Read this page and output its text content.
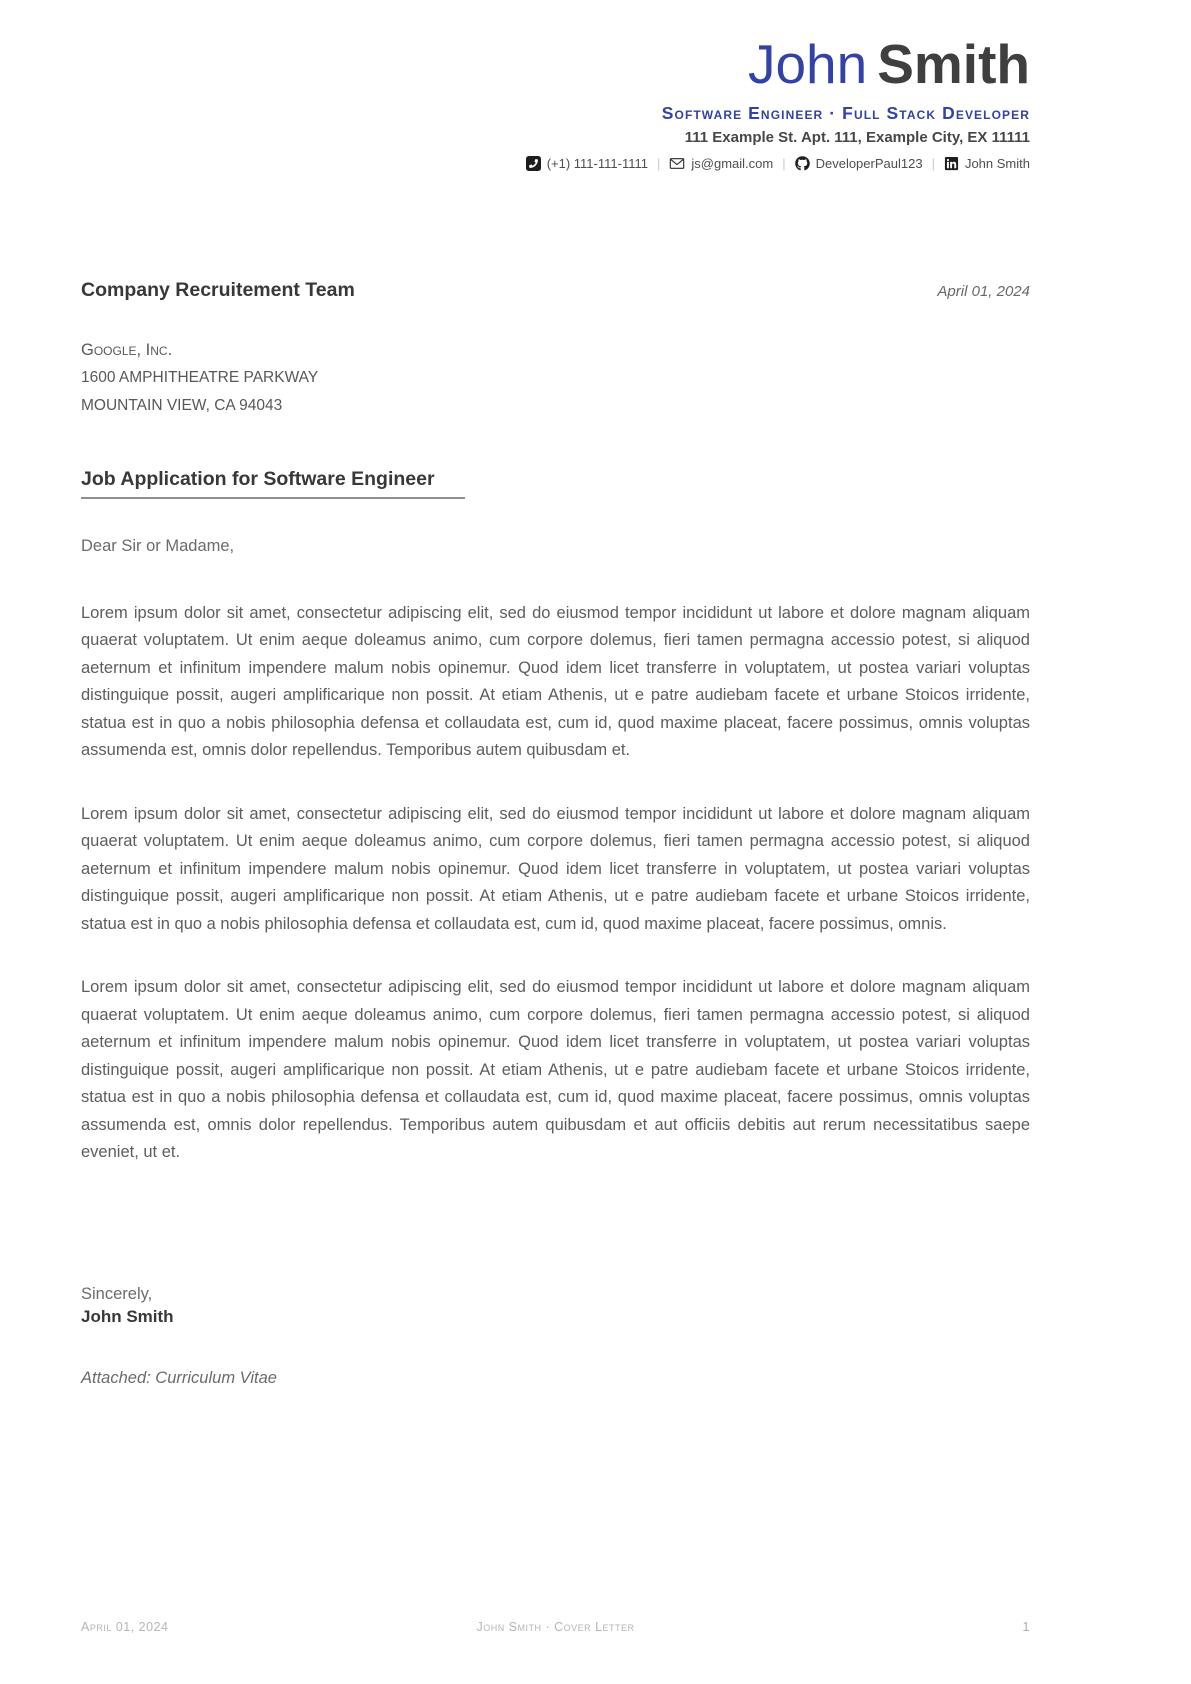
John Smith
Software Engineer · Full Stack Developer
111 Example St. Apt. 111, Example City, EX 11111
(+1) 111-111-1111 | js@gmail.com | DeveloperPaul123 | John Smith
Company Recruitement Team	April 01, 2024
Google, Inc.
1600 AMPHITHEATRE PARKWAY
MOUNTAIN VIEW, CA 94043
Job Application for Software Engineer
Dear Sir or Madame,

Lorem ipsum dolor sit amet, consectetur adipiscing elit, sed do eiusmod tempor incididunt ut labore et dolore magnam aliquam quaerat voluptatem. Ut enim aeque doleamus animo, cum corpore dolemus, fieri tamen permagna accessio potest, si aliquod aeternum et infinitum impendere malum nobis opinemur. Quod idem licet transferre in voluptatem, ut postea variari voluptas distinguique possit, augeri amplificarique non possit. At etiam Athenis, ut e patre audiebam facete et urbane Stoicos irridente, statua est in quo a nobis philosophia defensa et collaudata est, cum id, quod maxime placeat, facere possimus, omnis voluptas assumenda est, omnis dolor repellendus. Temporibus autem quibusdam et.

Lorem ipsum dolor sit amet, consectetur adipiscing elit, sed do eiusmod tempor incididunt ut labore et dolore magnam aliquam quaerat voluptatem. Ut enim aeque doleamus animo, cum corpore dolemus, fieri tamen permagna accessio potest, si aliquod aeternum et infinitum impendere malum nobis opinemur. Quod idem licet transferre in voluptatem, ut postea variari voluptas distinguique possit, augeri amplificarique non possit. At etiam Athenis, ut e patre audiebam facete et urbane Stoicos irridente, statua est in quo a nobis philosophia defensa et collaudata est, cum id, quod maxime placeat, facere possimus, omnis.

Lorem ipsum dolor sit amet, consectetur adipiscing elit, sed do eiusmod tempor incididunt ut labore et dolore magnam aliquam quaerat voluptatem. Ut enim aeque doleamus animo, cum corpore dolemus, fieri tamen permagna accessio potest, si aliquod aeternum et infinitum impendere malum nobis opinemur. Quod idem licet transferre in voluptatem, ut postea variari voluptas distinguique possit, augeri amplificarique non possit. At etiam Athenis, ut e patre audiebam facete et urbane Stoicos irridente, statua est in quo a nobis philosophia defensa et collaudata est, cum id, quod maxime placeat, facere possimus, omnis voluptas assumenda est, omnis dolor repellendus. Temporibus autem quibusdam et aut officiis debitis aut rerum necessitatibus saepe eveniet, ut et.

Sincerely,
John Smith
Attached: Curriculum Vitae
April 01, 2024	John Smith · Cover Letter	1
